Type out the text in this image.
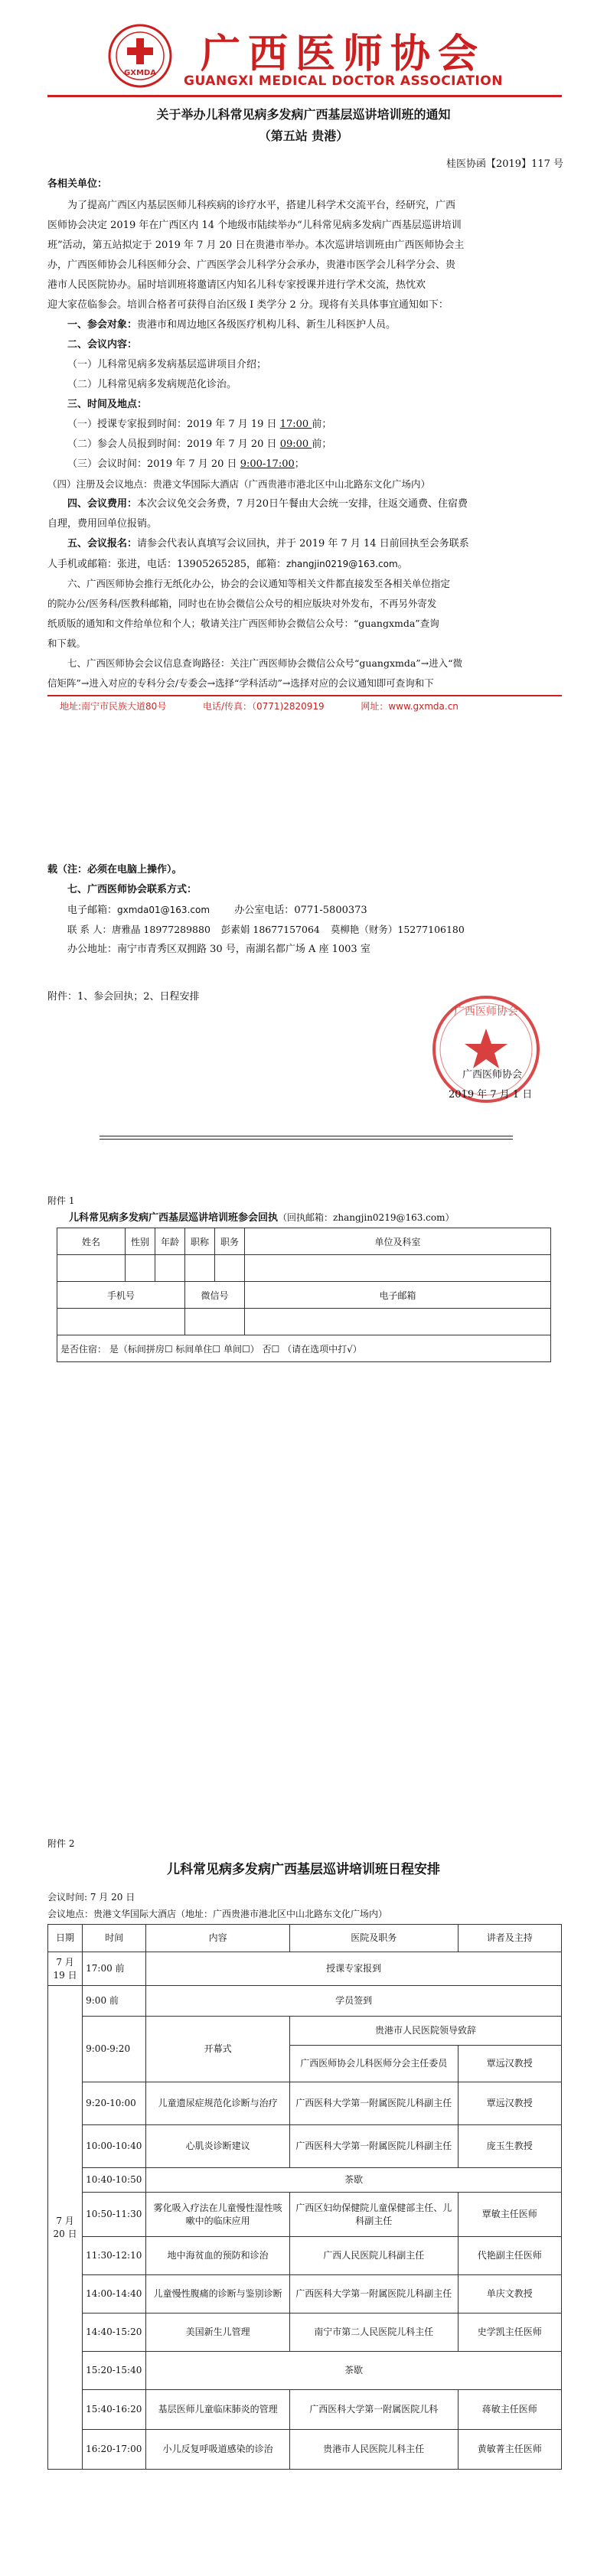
GXMDA 广西医师协会
GUANGXI MEDICAL DOCTOR ASSOCIATION
关于举办儿科常见病多发病广西基层巡讲培训班的通知
（第五站 贵港）
桂医协函【2019】117 号
各相关单位：
为了提高广西区内基层医师儿科疾病的诊疗水平，搭建儿科学术交流平台，经研究，广西
医师协会决定 2019 年在广西区内 14 个地级市陆续举办“儿科常见病多发病广西基层巡讲培训
班”活动，第五站拟定于 2019 年 7 月 20 日在贵港市举办。本次巡讲培训班由广西医师协会主
办，广西医师协会儿科医师分会、广西医学会儿科学分会承办，贵港市医学会儿科学分会、贵
港市人民医院协办。届时培训班将邀请区内知名儿科专家授课并进行学术交流，热忱欢
迎大家莅临参会。培训合格者可获得自治区级 I 类学分 2 分。现将有关具体事宜通知如下：
一、参会对象：贵港市和周边地区各级医疗机构儿科、新生儿科医护人员。
二、会议内容：
（一）儿科常见病多发病基层巡讲项目介绍；
（二）儿科常见病多发病规范化诊治。
三、时间及地点：
（一）授课专家报到时间：2019 年 7 月 19 日 17:00 前；
（二）参会人员报到时间：2019 年 7 月 20 日 09:00 前；
（三）会议时间：2019 年 7 月 20 日 9:00-17:00；
（四）注册及会议地点：贵港文华国际大酒店（广西贵港市港北区中山北路东文化广场内）
四、会议费用：本次会议免交会务费，7 月20日午餐由大会统一安排，往返交通费、住宿费
自理，费用回单位报销。
五、会议报名：请参会代表认真填写会议回执，并于 2019 年 7 月 14 日前回执至会务联系
人手机或邮箱：张进，电话：13905265285，邮箱：zhangjin0219@163.com。
六、广西医师协会推行无纸化办公，协会的会议通知等相关文件都直接发至各相关单位指定
的院办公/医务科/医教科邮箱，同时也在协会微信公众号的相应版块对外发布，不再另外寄发
纸质版的通知和文件给单位和个人；敬请关注广西医师协会微信公众号：“guangxmda”查询
和下载。
七、广西医师协会会议信息查询路径：关注广西医师协会微信公众号“guangxmda”→进入“微
信矩阵”→进入对应的专科分会/专委会→选择“学科活动”→选择对应的会议通知即可查询和下
地址:南宁市民族大道80号	电话/传真：（0771)2820919	网址：www.gxmda.cn
载（注：必须在电脑上操作）。
七、广西医师协会联系方式：
电子邮箱：gxmda01@163.com 办公室电话：0771-5800373
联 系 人：唐雅晶 18977289880 彭素娟 18677157064 莫柳艳（财务）15277106180
办公地址：南宁市青秀区双拥路 30 号，南湖名都广场 A 座 1003 室
附件：1、参会回执；2、日程安排
广西医师协会
广西医师协会
2019 年 7 月 1 日
附件 1
儿科常见病多发病广西基层巡讲培训班参会回执（回执邮箱：zhangjin0219@163.com）
姓名	性别	年龄	职称	职务	单位及科室

手机号			微信号		电子邮箱

是否住宿： 是（标间拼房☐ 标间单住☐ 单间☐） 否☐ （请在选项中打√）					
附件 2
儿科常见病多发病广西基层巡讲培训班日程安排
会议时间: 7 月 20 日
会议地点：贵港文华国际大酒店（地址：广西贵港市港北区中山北路东文化广场内）
日期	时间	内容	医院及职务	讲者及主持
7 月 19 日	17:00 前	授课专家报到		
7 月 20 日	9:00 前	学员签到		
	9:00-9:20	开幕式	贵港市人民医院领导致辞	
			广西医师协会儿科医师分会主任委员	覃远汉教授
	9:20-10:00	儿童遗尿症规范化诊断与治疗	广西医科大学第一附属医院儿科副主任	覃远汉教授
	10:00-10:40	心肌炎诊断建议	广西医科大学第一附属医院儿科副主任	庞玉生教授
	10:40-10:50	茶歇		
	10:50-11:30	雾化吸入疗法在儿童慢性湿性咳嗽中的临床应用	广西区妇幼保健院儿童保健部主任、儿科副主任	覃敏主任医师
	11:30-12:10	地中海贫血的预防和诊治	广西人民医院儿科副主任	代艳副主任医师
	14:00-14:40	儿童慢性腹痛的诊断与鉴别诊断	广西医科大学第一附属医院儿科副主任	单庆文教授
	14:40-15:20	美国新生儿管理	南宁市第二人民医院儿科主任	史学凯主任医师
	15:20-15:40	茶歇		
	15:40-16:20	基层医师儿童临床肺炎的管理	广西医科大学第一附属医院儿科	蒋敏主任医师
	16:20-17:00	小儿反复呼吸道感染的诊治	贵港市人民医院儿科主任	黄敏菁主任医师
